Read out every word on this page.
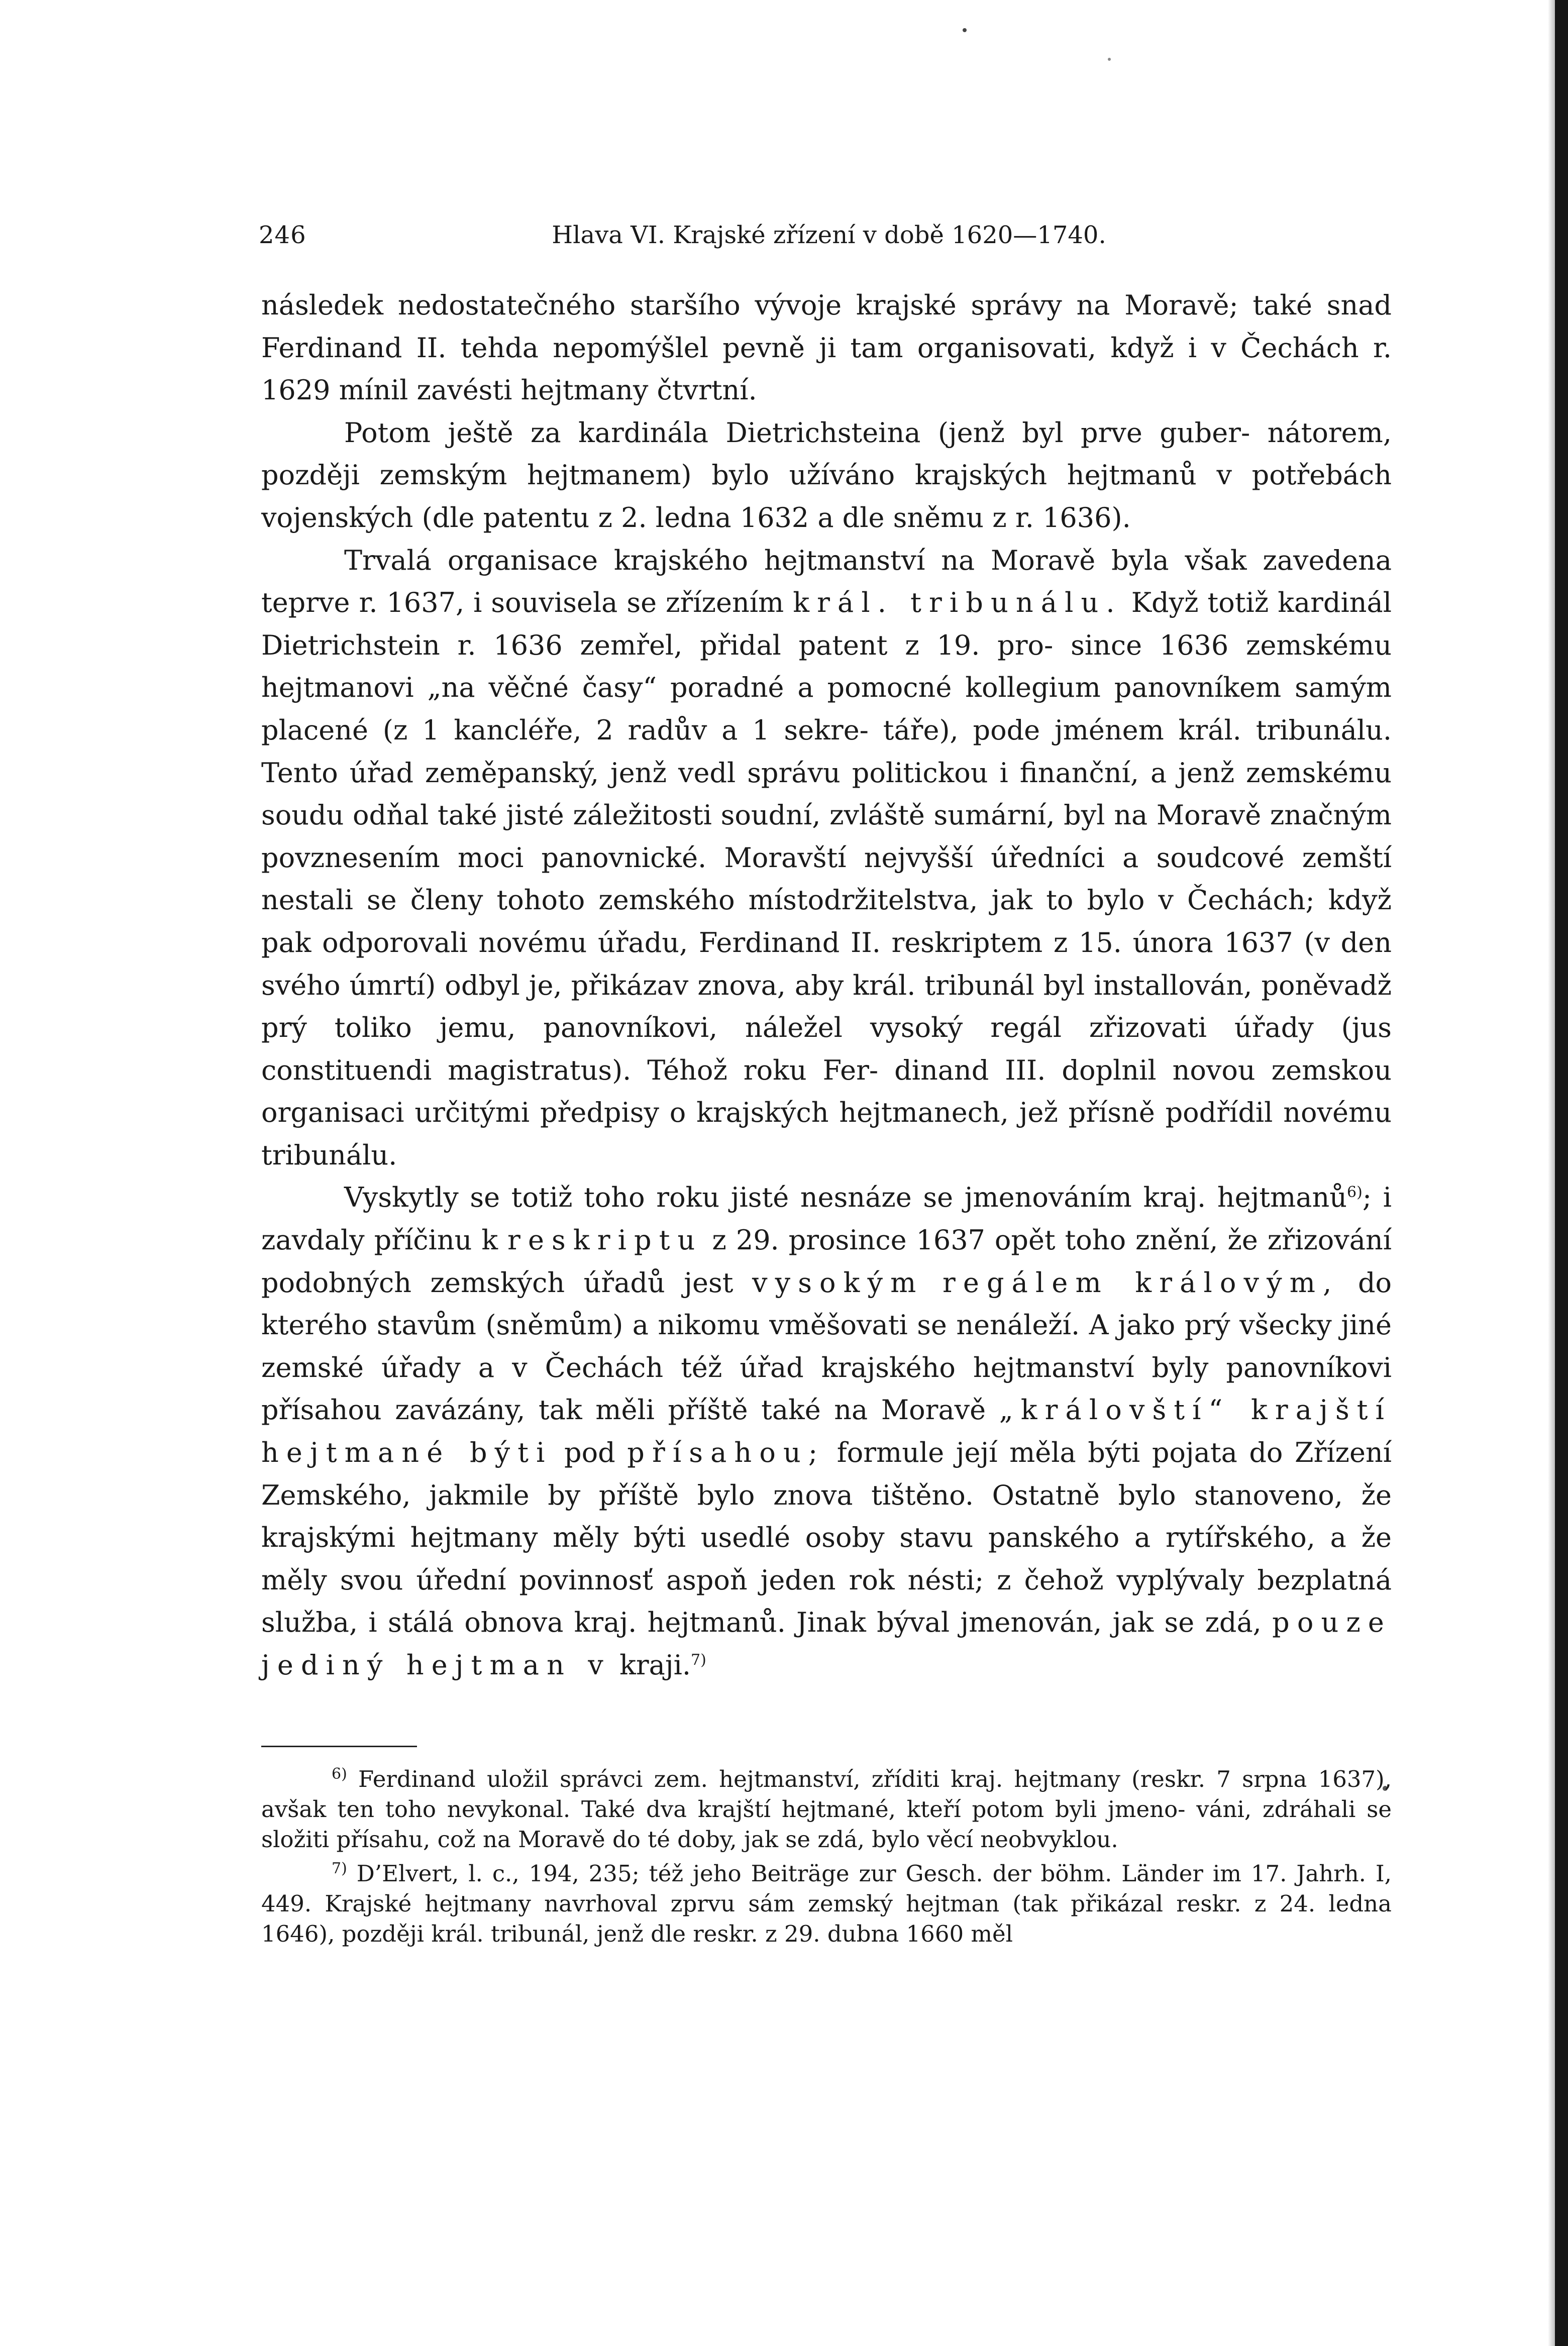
246	Hlava VI. Krajské zřízení v době 1620—1740.

následek nedostatečného staršího vývoje krajské správy na Moravě; také snad Ferdinand II. tehda nepomýšlel pevně ji tam organisovati, když i v Čechách r. 1629 mínil zavésti hejtmany čtvrtní.

Potom ještě za kardinála Dietrichsteina (jenž byl prve guber- nátorem, později zemským hejtmanem) bylo užíváno krajských hejtmanů v potřebách vojenských (dle patentu z 2. ledna 1632 a dle sněmu z r. 1636).

Trvalá organisace krajského hejtmanství na Moravě byla však zavedena teprve r. 1637, i souvisela se zřízením král. tribunálu. Když totiž kardinál Dietrichstein r. 1636 zemřel, přidal patent z 19. pro- since 1636 zemskému hejtmanovi „na věčné časy“ poradné a pomocné kollegium panovníkem samým placené (z 1 kancléře, 2 radův a 1 sekre- táře), pode jménem král. tribunálu. Tento úřad zeměpanský, jenž vedl správu politickou i finanční, a jenž zemskému soudu odňal také jisté záležitosti soudní, zvláště sumární, byl na Moravě značným povznesením moci panovnické. Moravští nejvyšší úředníci a soudcové zemští nestali se členy tohoto zemského místodržitelstva, jak to bylo v Čechách; když pak odporovali novému úřadu, Ferdinand II. reskriptem z 15. února 1637 (v den svého úmrtí) odbyl je, přikázav znova, aby král. tribunál byl installován, poněvadž prý toliko jemu, panovníkovi, náležel vysoký regál zřizovati úřady (jus constituendi magistratus). Téhož roku Fer- dinand III. doplnil novou zemskou organisaci určitými předpisy o krajských hejtmanech, jež přísně podřídil novému tribunálu.

Vyskytly se totiž toho roku jisté nesnáze se jmenováním kraj. hejtmanů$^{6)}$; i zavdaly příčinu k reskriptu z 29. prosince 1637 opět toho znění, že zřizování podobných zemských úřadů jest vysokým regálem královým, do kterého stavům (sněmům) a nikomu vměšovati se nenáleží. A jako prý všecky jiné zemské úřady a v Čechách též úřad krajského hejtmanství byly panovníkovi přísahou zavázány, tak měli příště také na Moravě „královští“ krajští hejtmané býti pod přísahou; formule její měla býti pojata do Zřízení Zemského, jakmile by příště bylo znova tištěno. Ostatně bylo stanoveno, že krajskými hejtmany měly býti usedlé osoby stavu panského a rytířského, a že měly svou úřední povinnosť aspoň jeden rok nésti; z čehož vyplývaly bezplatná služba, i stálá obnova kraj. hejtmanů. Jinak býval jmenován, jak se zdá, pouze jediný hejtman v kraji.$^{7)}$

$^{6)}$ Ferdinand uložil správci zem. hejtmanství, zříditi kraj. hejtmany (reskr. 7 srpna 1637), avšak ten toho nevykonal. Také dva krajští hejtmané, kteří potom byli jmeno- váni, zdráhali se složiti přísahu, což na Moravě do té doby, jak se zdá, bylo věcí neobvyklou.

$^{7)}$ D’Elvert, l. c., 194, 235; též jeho Beiträge zur Gesch. der böhm. Länder im 17. Jahrh. I, 449. Krajské hejtmany navrhoval zprvu sám zemský hejtman (tak přikázal reskr. z 24. ledna 1646), později král. tribunál, jenž dle reskr. z 29. dubna 1660 měl
